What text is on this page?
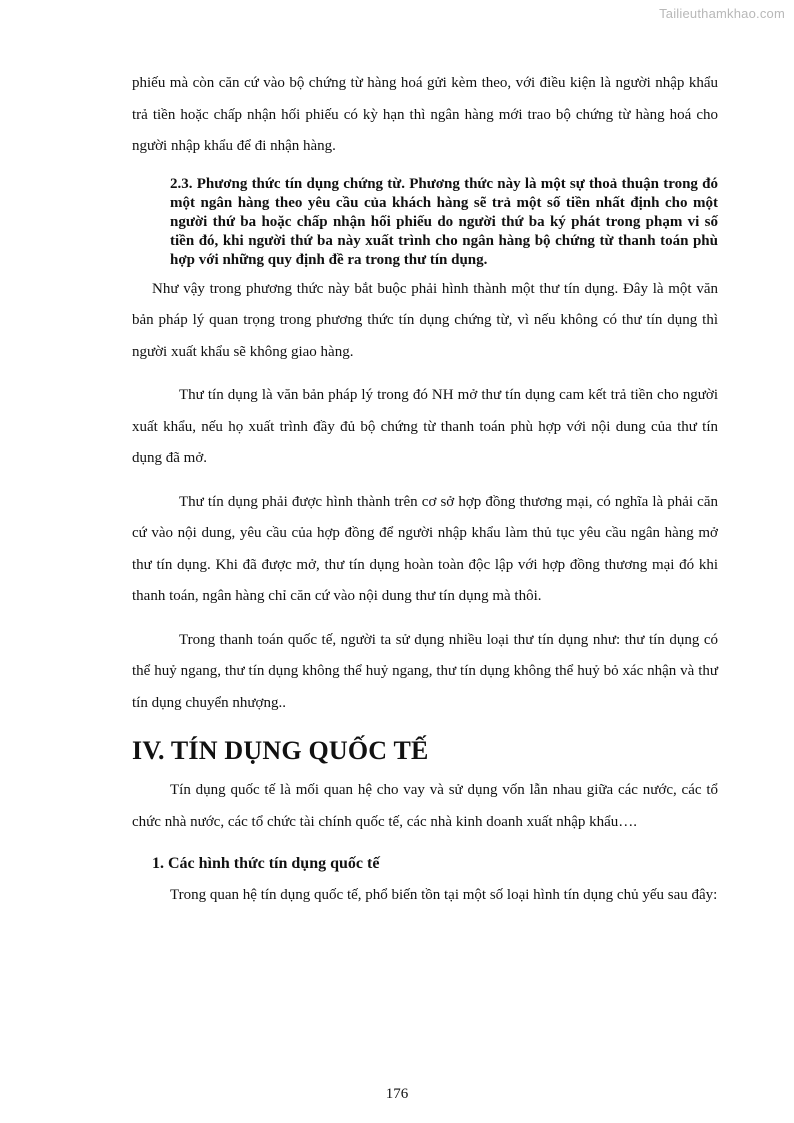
Tailieuthamkhao.com

phiếu mà còn căn cứ vào bộ chứng từ hàng hoá gửi kèm theo, với điều kiện là người nhập khẩu trả tiền hoặc chấp nhận hối phiếu có kỳ hạn thì ngân hàng mới trao bộ chứng từ hàng hoá cho người nhập khẩu để đi nhận hàng.

2.3. Phương thức tín dụng chứng từ. Phương thức này là một sự thoả thuận trong đó một ngân hàng theo yêu cầu của khách hàng sẽ trả một số tiền nhất định cho một người thứ ba hoặc chấp nhận hối phiếu do người thứ ba ký phát trong phạm vi số tiền đó, khi người thứ ba này xuất trình cho ngân hàng bộ chứng từ thanh toán phù hợp với những quy định đề ra trong thư tín dụng.

Như vậy trong phương thức này bắt buộc phải hình thành một thư tín dụng. Đây là một văn bản pháp lý quan trọng trong phương thức tín dụng chứng từ, vì nếu không có thư tín dụng thì người xuất khẩu sẽ không giao hàng.

Thư tín dụng là văn bản pháp lý trong đó NH mở thư tín dụng cam kết trả tiền cho người xuất khẩu, nếu họ xuất trình đầy đủ bộ chứng từ thanh toán phù hợp với nội dung của thư tín dụng đã mở.

Thư tín dụng phải được hình thành trên cơ sở hợp đồng thương mại, có nghĩa là phải căn cứ vào nội dung, yêu cầu của hợp đồng để người nhập khẩu làm thủ tục yêu cầu ngân hàng mở thư tín dụng. Khi đã được mở, thư tín dụng hoàn toàn độc lập với hợp đồng thương mại đó khi thanh toán, ngân hàng chỉ căn cứ vào nội dung thư tín dụng mà thôi.

Trong thanh toán quốc tế, người ta sử dụng nhiều loại thư tín dụng như: thư tín dụng có thể huỷ ngang, thư tín dụng không thể huỷ ngang, thư tín dụng không thể huỷ bỏ xác nhận và thư tín dụng chuyển nhượng..

IV. TÍN DỤNG QUỐC TẾ

Tín dụng quốc tế là mối quan hệ cho vay và sử dụng vốn lẫn nhau giữa các nước, các tổ chức nhà nước, các tổ chức tài chính quốc tế, các nhà kinh doanh xuất nhập khẩu….

1. Các hình thức tín dụng quốc tế

Trong quan hệ tín dụng quốc tế, phổ biến tồn tại một số loại hình tín dụng chủ yếu sau đây:

176
